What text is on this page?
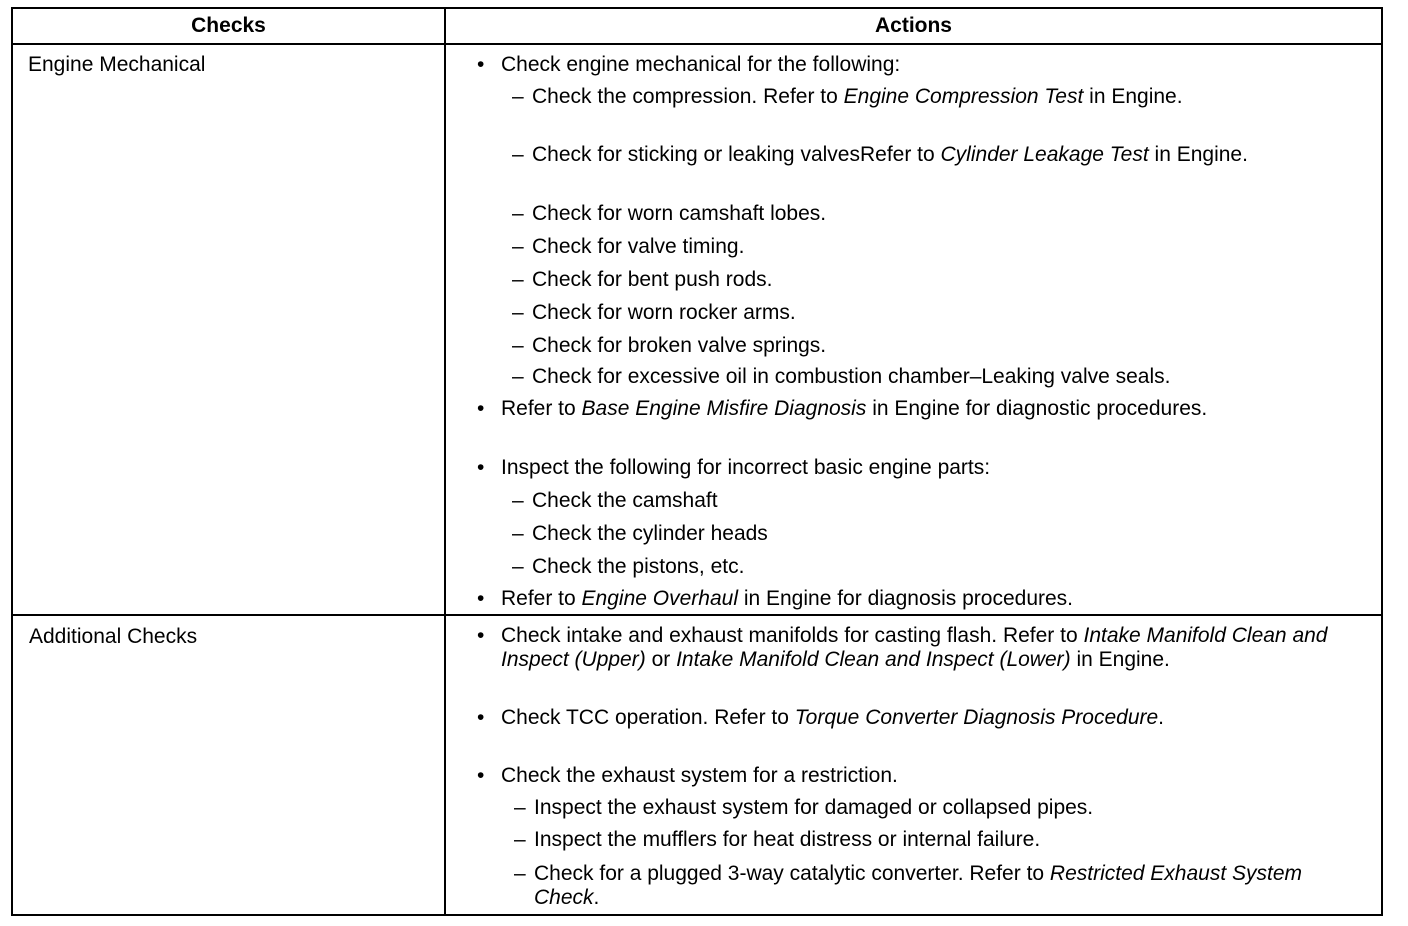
Checks	Actions
Engine Mechanical	• Check engine mechanical for the following:
– Check the compression. Refer to Engine Compression Test in Engine.
– Check for sticking or leaking valvesRefer to Cylinder Leakage Test in Engine.
– Check for worn camshaft lobes.
– Check for valve timing.
– Check for bent push rods.
– Check for worn rocker arms.
– Check for broken valve springs.
– Check for excessive oil in combustion chamber–Leaking valve seals.
• Refer to Base Engine Misfire Diagnosis in Engine for diagnostic procedures.
• Inspect the following for incorrect basic engine parts:
– Check the camshaft
– Check the cylinder heads
– Check the pistons, etc.
• Refer to Engine Overhaul in Engine for diagnosis procedures.
Additional Checks	• Check intake and exhaust manifolds for casting flash. Refer to Intake Manifold Clean and Inspect (Upper) or Intake Manifold Clean and Inspect (Lower) in Engine.
• Check TCC operation. Refer to Torque Converter Diagnosis Procedure.
• Check the exhaust system for a restriction.
– Inspect the exhaust system for damaged or collapsed pipes.
– Inspect the mufflers for heat distress or internal failure.
– Check for a plugged 3-way catalytic converter. Refer to Restricted Exhaust System Check.
